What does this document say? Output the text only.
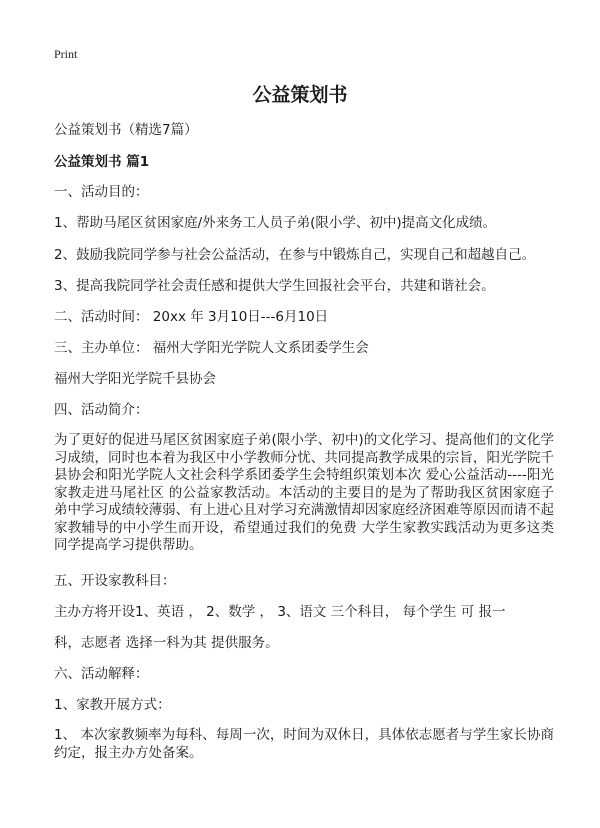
Print
公益策划书

公益策划书（精选7篇）

公益策划书 篇1

一、活动目的：

1、帮助马尾区贫困家庭/外来务工人员子弟(限小学、初中)提高文化成绩。

2、鼓励我院同学参与社会公益活动，在参与中锻炼自己，实现自己和超越自己。

3、提高我院同学社会责任感和提供大学生回报社会平台，共建和谐社会。

二、活动时间： 20xx 年 3月10日---6月10日

三、主办单位： 福州大学阳光学院人文系团委学生会

福州大学阳光学院千县协会

四、活动简介：

为了更好的促进马尾区贫困家庭子弟(限小学、初中)的文化学习、提高他们的文化学习成绩，同时也本着为我区中小学教师分忧、共同提高教学成果的宗旨，阳光学院千县协会和阳光学院人文社会科学系团委学生会特组织策划本次 爱心公益活动----阳光家教走进马尾社区 的公益家教活动。本活动的主要目的是为了帮助我区贫困家庭子弟中学习成绩较薄弱、有上进心且对学习充满激情却因家庭经济困难等原因而请不起家教辅导的中小学生而开设，希望通过我们的免费 大学生家教实践活动为更多这类同学提高学习提供帮助。

五、开设家教科目：

主办方将开设1、英语 ， 2、数学 ， 3、语文 三个科目， 每个学生 可 报一

科，志愿者 选择一科为其 提供服务。

六、活动解释：

1、家教开展方式：

1、 本次家教频率为每科、每周一次，时间为双休日，具体依志愿者与学生家长协商约定，报主办方处备案。
